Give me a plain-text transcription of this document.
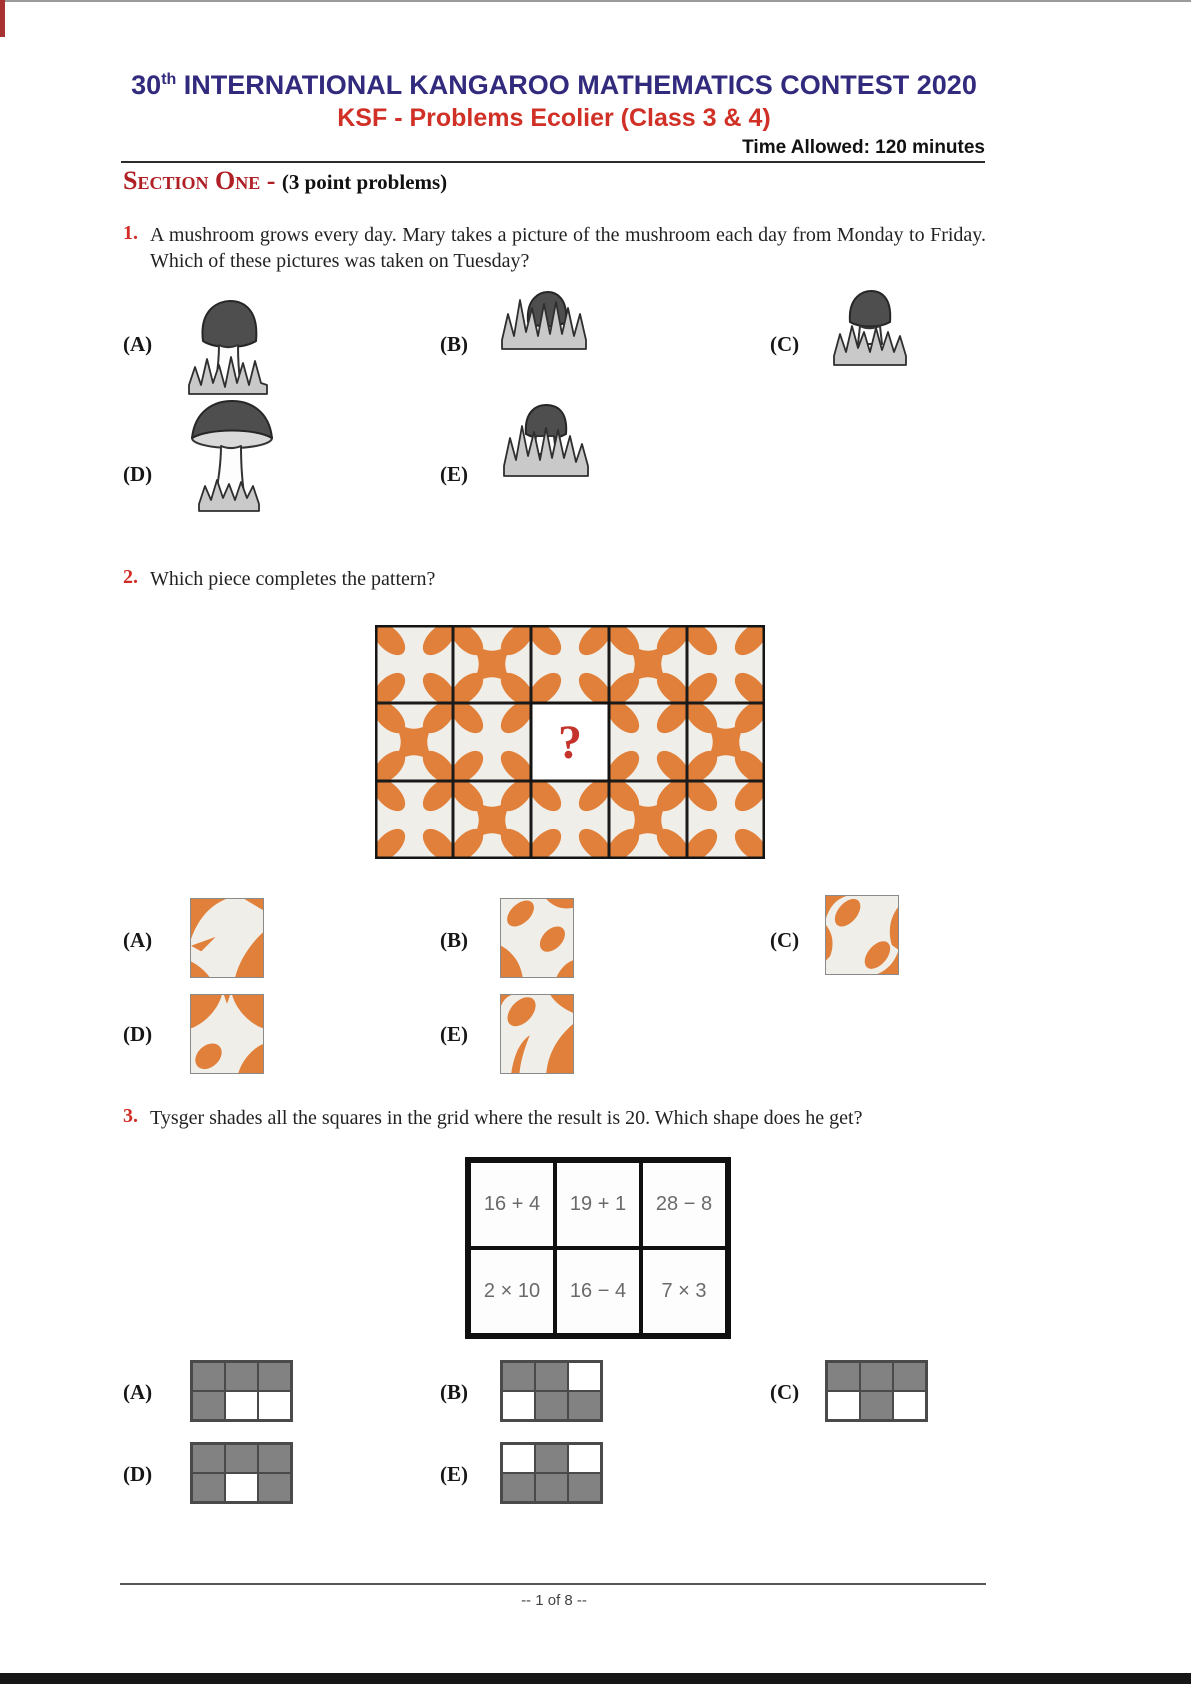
30th INTERNATIONAL KANGAROO MATHEMATICS CONTEST 2020
KSF - Problems Ecolier (Class 3 & 4)
Time Allowed: 120 minutes
Section One - (3 point problems)
1. A mushroom grows every day. Mary takes a picture of the mushroom each day from Monday to Friday. Which of these pictures was taken on Tuesday?
(A)	(B)	(C)
(D)	(E)
2. Which piece completes the pattern?
?
(A)	(B)	(C)
(D)	(E)
3. Tysger shades all the squares in the grid where the result is 20. Which shape does he get?
16 + 4	19 + 1	28 − 8
2 × 10	16 − 4	7 × 3
(A)	(B)	(C)
(D)	(E)
-- 1 of 8 --
